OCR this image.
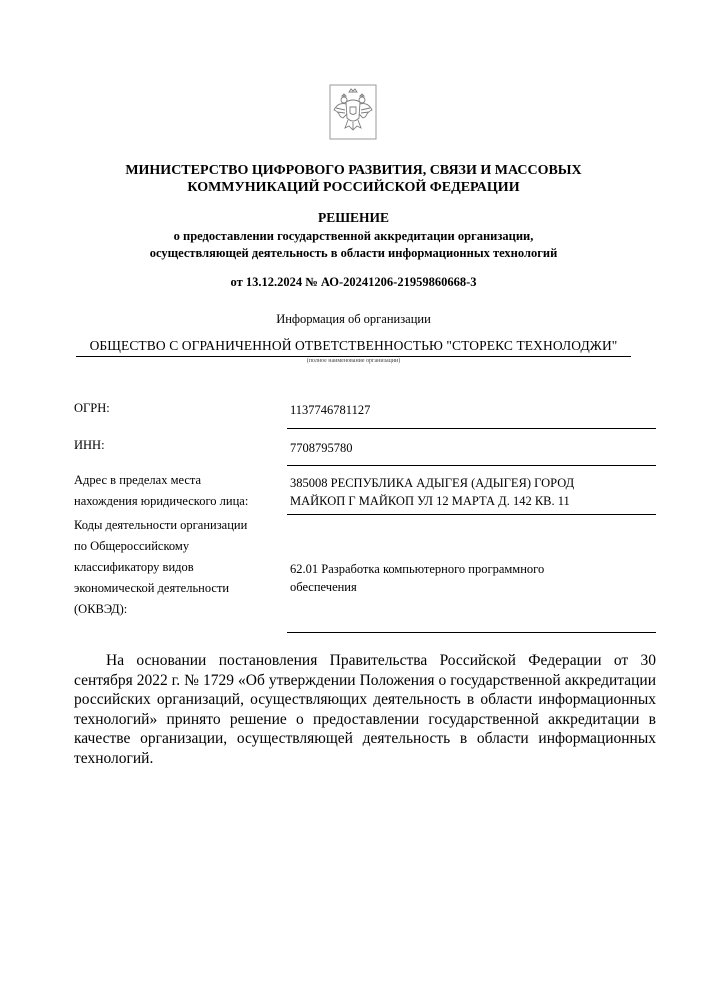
МИНИСТЕРСТВО ЦИФРОВОГО РАЗВИТИЯ, СВЯЗИ И МАССОВЫХ
КОММУНИКАЦИЙ РОССИЙСКОЙ ФЕДЕРАЦИИ
РЕШЕНИЕ
о предоставлении государственной аккредитации организации,
осуществляющей деятельность в области информационных технологий
от 13.12.2024 № АО-20241206-21959860668-3
Информация об организации
ОБЩЕСТВО С ОГРАНИЧЕННОЙ ОТВЕТСТВЕННОСТЬЮ "СТОРЕКС ТЕХНОЛОДЖИ"
(полное наименование организации)
ОГРН:	1137746781127
ИНН:	7708795780
Адрес в пределах места
нахождения юридического лица:
385008 РЕСПУБЛИКА АДЫГЕЯ (АДЫГЕЯ) ГОРОД
МАЙКОП Г МАЙКОП УЛ 12 МАРТА Д. 142 КВ. 11
Коды деятельности организации
по Общероссийскому
классификатору видов
экономической деятельности
(ОКВЭД):
62.01 Разработка компьютерного программного
обеспечения
На основании постановления Правительства Российской Федерации от 30 сентября 2022 г. № 1729 «Об утверждении Положения о государственной аккредитации российских организаций, осуществляющих деятельность в области информационных технологий» принято решение о предоставлении государственной аккредитации в качестве организации, осуществляющей деятельность в области информационных технологий.
